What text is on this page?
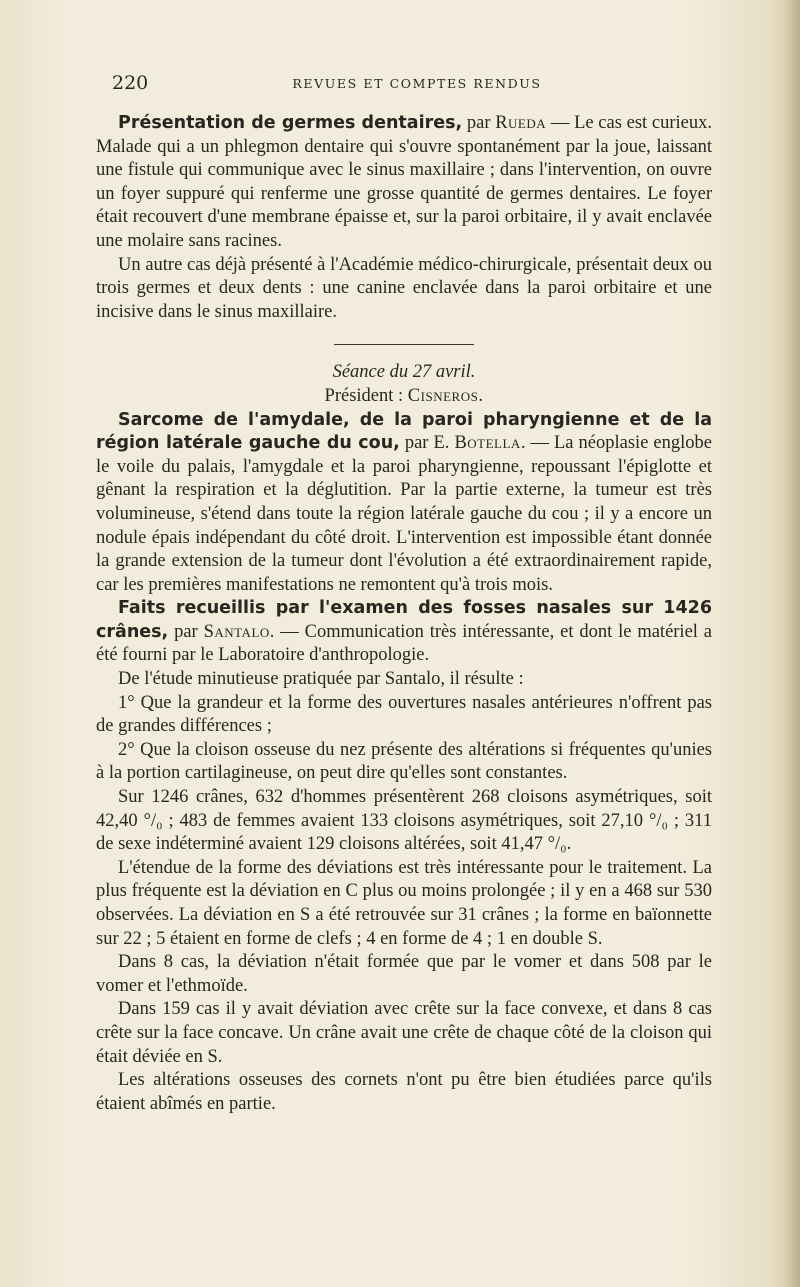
220	REVUES ET COMPTES RENDUS

Présentation de germes dentaires, par Rueda — Le cas est curieux. Malade qui a un phlegmon dentaire qui s'ouvre spontanément par la joue, laissant une fistule qui communique avec le sinus maxillaire ; dans l'intervention, on ouvre un foyer suppuré qui renferme une grosse quantité de germes dentaires. Le foyer était recouvert d'une membrane épaisse et, sur la paroi orbitaire, il y avait enclavée une molaire sans racines.

Un autre cas déjà présenté à l'Académie médico-chirurgicale, présentait deux ou trois germes et deux dents : une canine enclavée dans la paroi orbitaire et une incisive dans le sinus maxillaire.

Séance du 27 avril.

Président : Cisneros.

Sarcome de l'amydale, de la paroi pharyngienne et de la région latérale gauche du cou, par E. Botella. — La néoplasie englobe le voile du palais, l'amygdale et la paroi pharyngienne, repoussant l'épiglotte et gênant la respiration et la déglutition. Par la partie externe, la tumeur est très volumineuse, s'étend dans toute la région latérale gauche du cou ; il y a encore un nodule épais indépendant du côté droit. L'intervention est impossible étant donnée la grande extension de la tumeur dont l'évolution a été extraordinairement rapide, car les premières manifestations ne remontent qu'à trois mois.

Faits recueillis par l'examen des fosses nasales sur 1426 crânes, par Santalo. — Communication très intéressante, et dont le matériel a été fourni par le Laboratoire d'anthropologie.

De l'étude minutieuse pratiquée par Santalo, il résulte :

1° Que la grandeur et la forme des ouvertures nasales antérieures n'offrent pas de grandes différences ;

2° Que la cloison osseuse du nez présente des altérations si fréquentes qu'unies à la portion cartilagineuse, on peut dire qu'elles sont constantes.

Sur 1246 crânes, 632 d'hommes présentèrent 268 cloisons asymétriques, soit 42,40 °/₀ ; 483 de femmes avaient 133 cloisons asymétriques, soit 27,10 °/₀ ; 311 de sexe indéterminé avaient 129 cloisons altérées, soit 41,47 °/₀.

L'étendue de la forme des déviations est très intéressante pour le traitement. La plus fréquente est la déviation en C plus ou moins prolongée ; il y en a 468 sur 530 observées. La déviation en S a été retrouvée sur 31 crânes ; la forme en baïonnette sur 22 ; 5 étaient en forme de clefs ; 4 en forme de 4 ; 1 en double S.

Dans 8 cas, la déviation n'était formée que par le vomer et dans 508 par le vomer et l'ethmoïde.

Dans 159 cas il y avait déviation avec crête sur la face convexe, et dans 8 cas crête sur la face concave. Un crâne avait une crête de chaque côté de la cloison qui était déviée en S.

Les altérations osseuses des cornets n'ont pu être bien étudiées parce qu'ils étaient abîmés en partie.
